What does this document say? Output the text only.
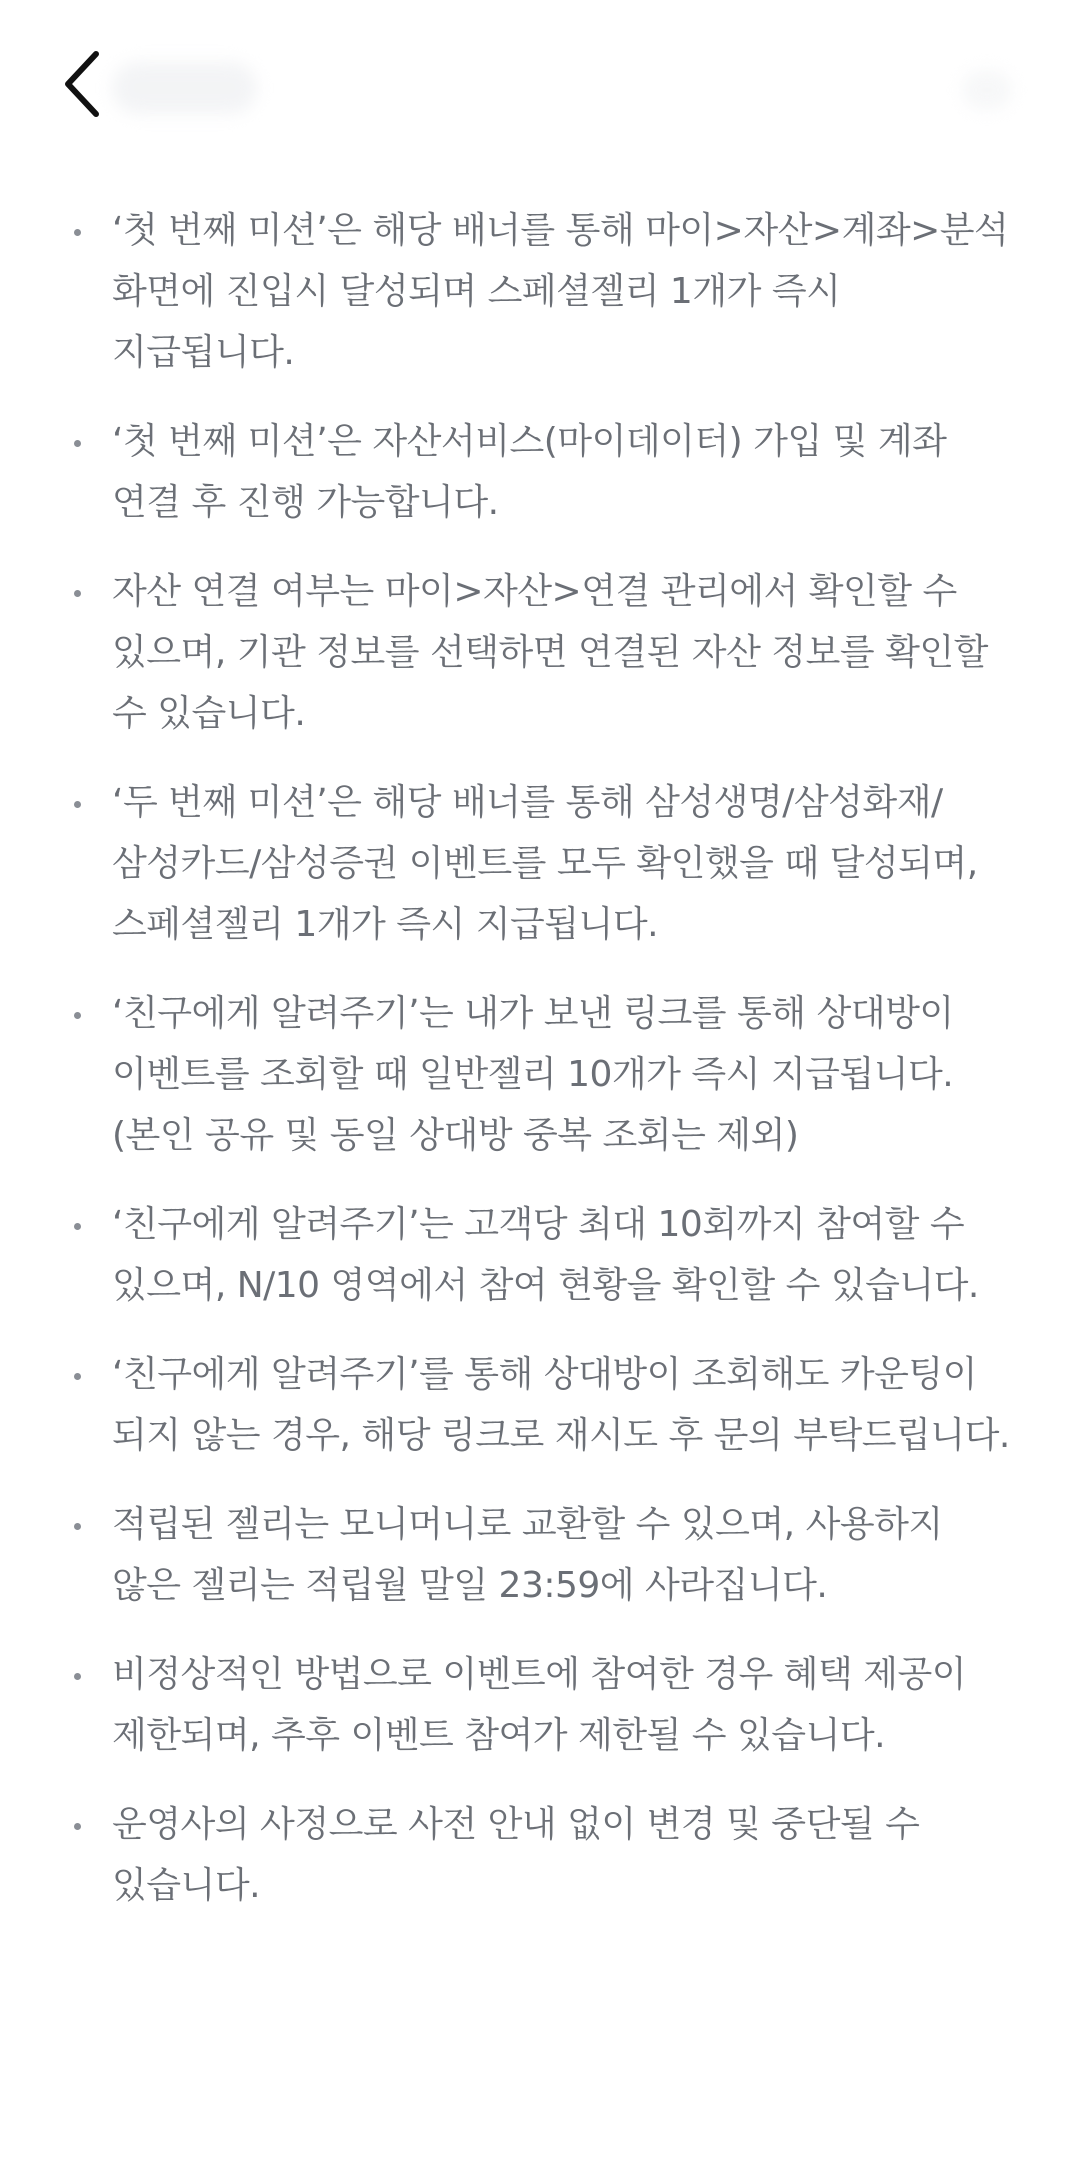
‘첫 번째 미션’은 해당 배너를 통해 마이>자산>계좌>분석 화면에 진입시 달성되며 스페셜젤리 1개가 즉시 지급됩니다.
‘첫 번째 미션’은 자산서비스(마이데이터) 가입 및 계좌 연결 후 진행 가능합니다.
자산 연결 여부는 마이>자산>연결 관리에서 확인할 수 있으며, 기관 정보를 선택하면 연결된 자산 정보를 확인할 수 있습니다.
‘두 번째 미션’은 해당 배너를 통해 삼성생명/삼성화재/삼성카드/삼성증권 이벤트를 모두 확인했을 때 달성되며,
스페셜젤리 1개가 즉시 지급됩니다.
‘친구에게 알려주기’는 내가 보낸 링크를 통해 상대방이 이벤트를 조회할 때 일반젤리 10개가 즉시 지급됩니다.
(본인 공유 및 동일 상대방 중복 조회는 제외)
‘친구에게 알려주기’는 고객당 최대 10회까지 참여할 수 있으며, N/10 영역에서 참여 현황을 확인할 수 있습니다.
‘친구에게 알려주기’를 통해 상대방이 조회해도 카운팅이 되지 않는 경우, 해당 링크로 재시도 후 문의 부탁드립니다.
적립된 젤리는 모니머니로 교환할 수 있으며, 사용하지 않은 젤리는 적립월 말일 23:59에 사라집니다.
비정상적인 방법으로 이벤트에 참여한 경우 혜택 제공이 제한되며, 추후 이벤트 참여가 제한될 수 있습니다.
운영사의 사정으로 사전 안내 없이 변경 및 중단될 수 있습니다.
